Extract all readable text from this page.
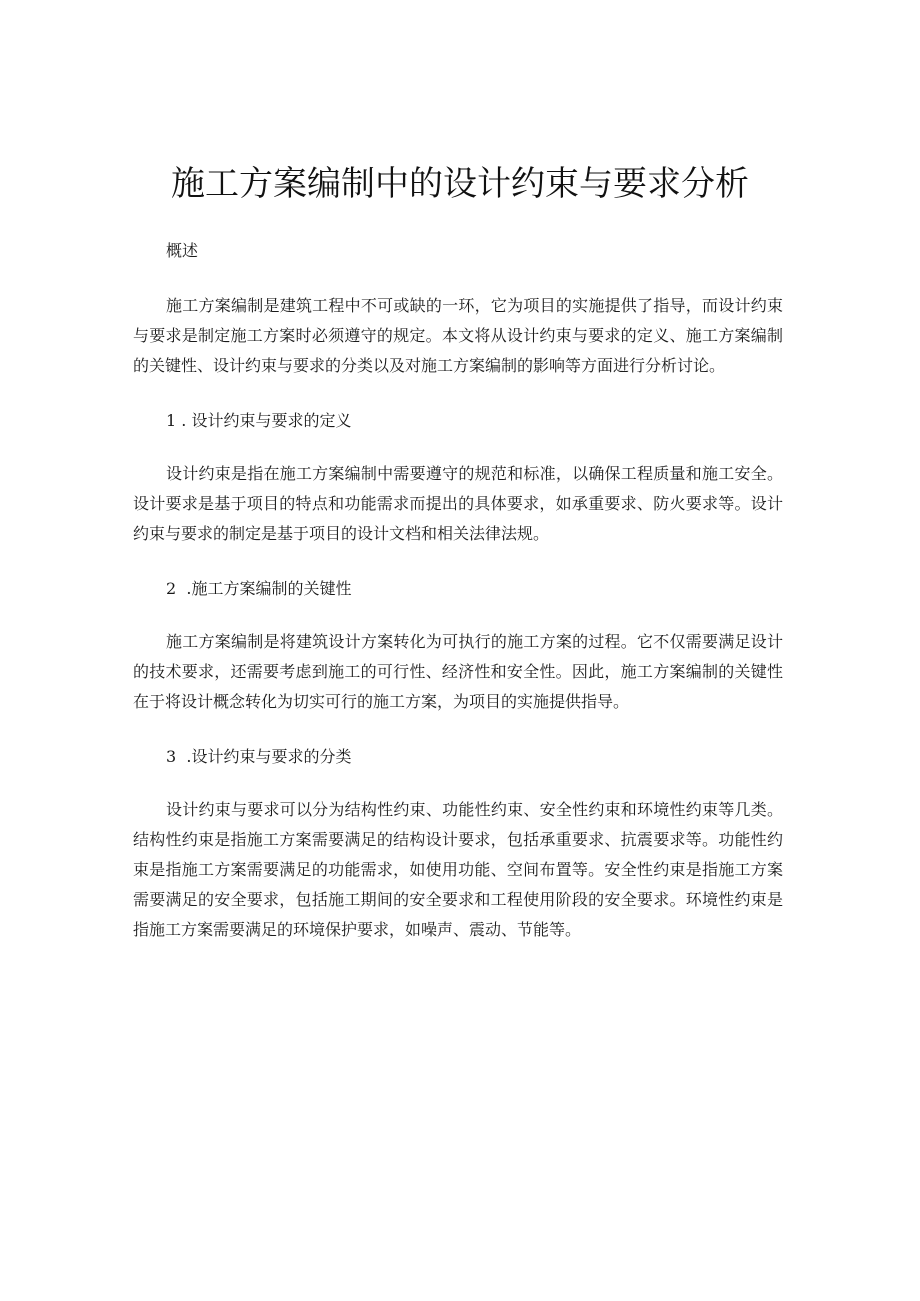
施工方案编制中的设计约束与要求分析

概述

施工方案编制是建筑工程中不可或缺的一环，它为项目的实施提供了指导，而设计约束与要求是制定施工方案时必须遵守的规定。本文将从设计约束与要求的定义、施工方案编制的关键性、设计约束与要求的分类以及对施工方案编制的影响等方面进行分析讨论。

1 . 设计约束与要求的定义

设计约束是指在施工方案编制中需要遵守的规范和标准，以确保工程质量和施工安全。设计要求是基于项目的特点和功能需求而提出的具体要求，如承重要求、防火要求等。设计约束与要求的制定是基于项目的设计文档和相关法律法规。

2  .施工方案编制的关键性

施工方案编制是将建筑设计方案转化为可执行的施工方案的过程。它不仅需要满足设计的技术要求，还需要考虑到施工的可行性、经济性和安全性。因此，施工方案编制的关键性在于将设计概念转化为切实可行的施工方案，为项目的实施提供指导。

3  .设计约束与要求的分类

设计约束与要求可以分为结构性约束、功能性约束、安全性约束和环境性约束等几类。结构性约束是指施工方案需要满足的结构设计要求，包括承重要求、抗震要求等。功能性约束是指施工方案需要满足的功能需求，如使用功能、空间布置等。安全性约束是指施工方案需要满足的安全要求，包括施工期间的安全要求和工程使用阶段的安全要求。环境性约束是指施工方案需要满足的环境保护要求，如噪声、震动、节能等。
